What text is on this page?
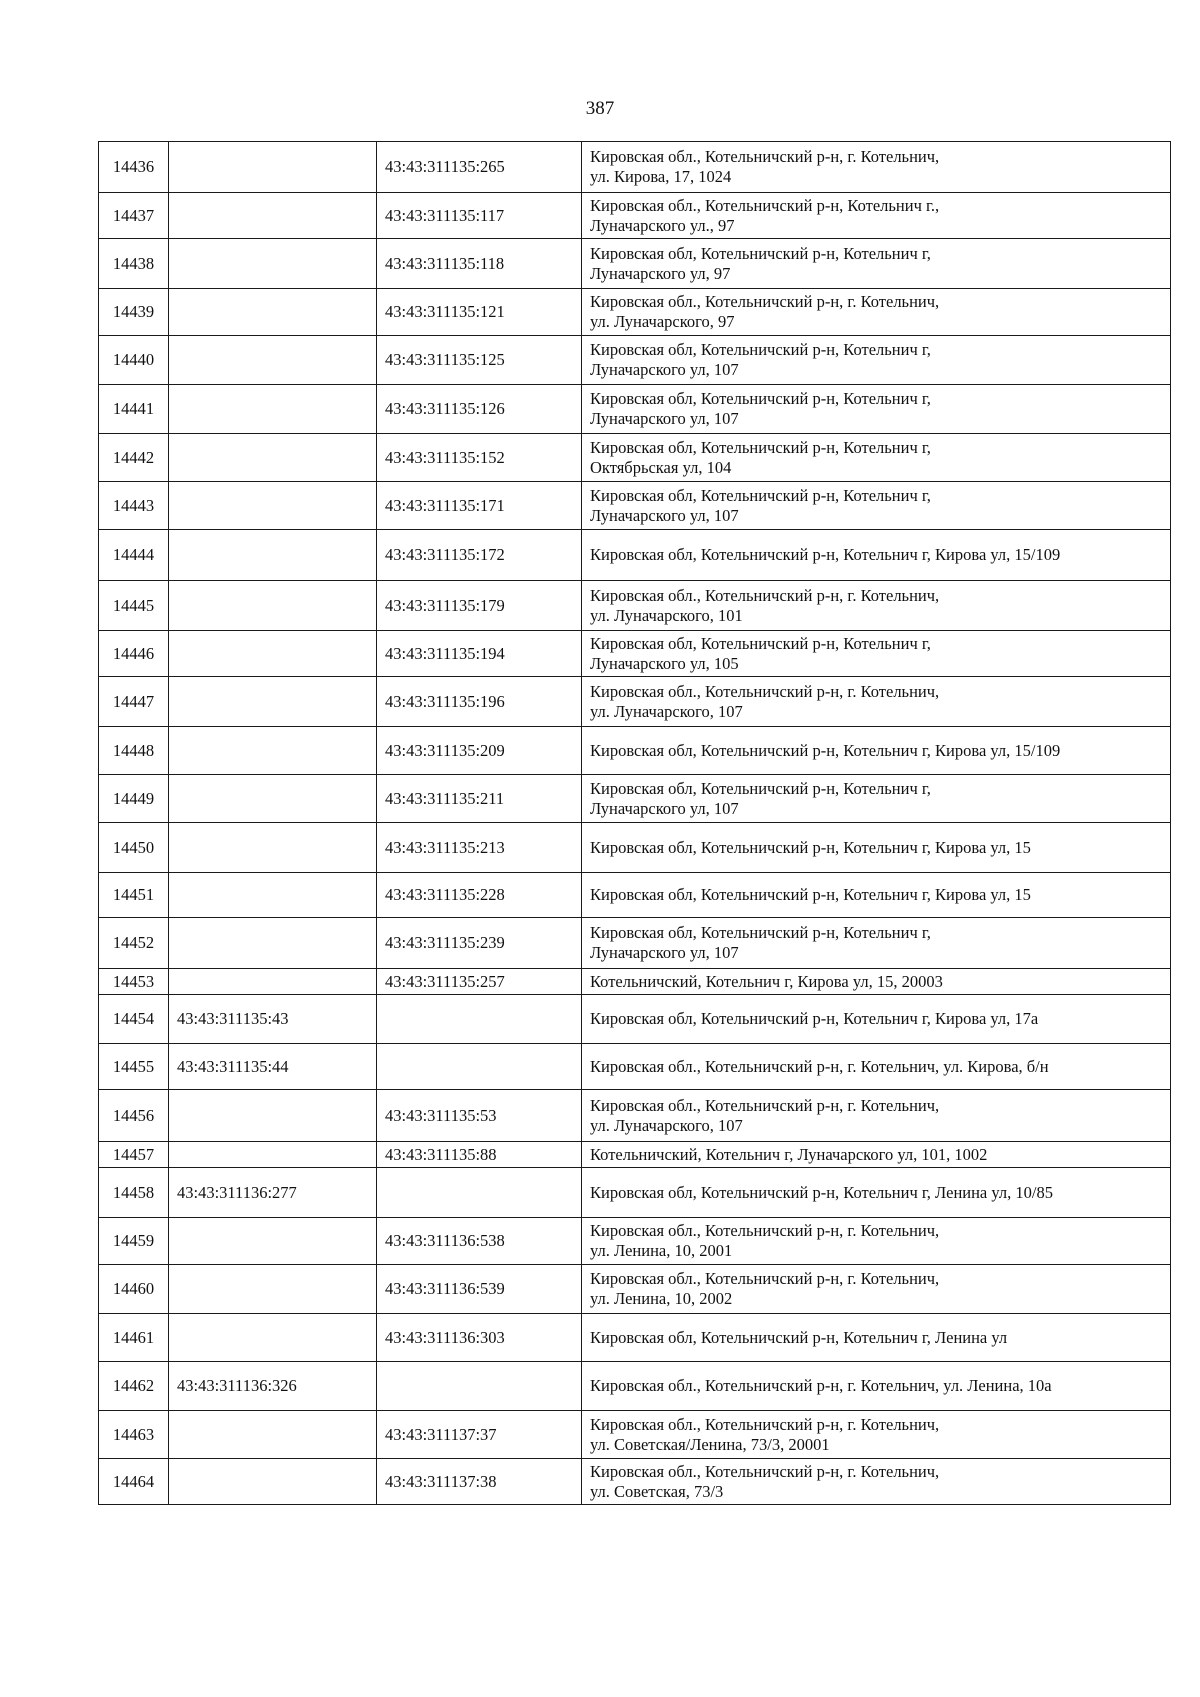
387
14436		43:43:311135:265	Кировская обл., Котельничский р-н, г. Котельнич,
ул. Кирова, 17, 1024

14437		43:43:311135:117	Кировская обл., Котельничский р-н, Котельнич г.,
Луначарского ул., 97

14438		43:43:311135:118	Кировская обл, Котельничский р-н, Котельнич г,
Луначарского ул, 97

14439		43:43:311135:121	Кировская обл., Котельничский р-н, г. Котельнич,
ул. Луначарского, 97

14440		43:43:311135:125	Кировская обл, Котельничский р-н, Котельнич г,
Луначарского ул, 107

14441		43:43:311135:126	Кировская обл, Котельничский р-н, Котельнич г,
Луначарского ул, 107

14442		43:43:311135:152	Кировская обл, Котельничский р-н, Котельнич г,
Октябрьская ул, 104

14443		43:43:311135:171	Кировская обл, Котельничский р-н, Котельнич г,
Луначарского ул, 107

14444		43:43:311135:172	Кировская обл, Котельничский р-н, Котельнич г, Кирова ул, 15/109

14445		43:43:311135:179	Кировская обл., Котельничский р-н, г. Котельнич,
ул. Луначарского, 101

14446		43:43:311135:194	Кировская обл, Котельничский р-н, Котельнич г,
Луначарского ул, 105

14447		43:43:311135:196	Кировская обл., Котельничский р-н, г. Котельнич,
ул. Луначарского, 107

14448		43:43:311135:209	Кировская обл, Котельничский р-н, Котельнич г, Кирова ул, 15/109

14449		43:43:311135:211	Кировская обл, Котельничский р-н, Котельнич г,
Луначарского ул, 107

14450		43:43:311135:213	Кировская обл, Котельничский р-н, Котельнич г, Кирова ул, 15

14451		43:43:311135:228	Кировская обл, Котельничский р-н, Котельнич г, Кирова ул, 15

14452		43:43:311135:239	Кировская обл, Котельничский р-н, Котельнич г,
Луначарского ул, 107

14453		43:43:311135:257	Котельничский, Котельнич г, Кирова ул, 15, 20003

14454	43:43:311135:43		Кировская обл, Котельничский р-н, Котельнич г, Кирова ул, 17а

14455	43:43:311135:44		Кировская обл., Котельничский р-н, г. Котельнич, ул. Кирова, б/н

14456		43:43:311135:53	Кировская обл., Котельничский р-н, г. Котельнич,
ул. Луначарского, 107

14457		43:43:311135:88	Котельничский, Котельнич г, Луначарского ул, 101, 1002

14458	43:43:311136:277		Кировская обл, Котельничский р-н, Котельнич г, Ленина ул, 10/85

14459		43:43:311136:538	Кировская обл., Котельничский р-н, г. Котельнич,
ул. Ленина, 10, 2001

14460		43:43:311136:539	Кировская обл., Котельничский р-н, г. Котельнич,
ул. Ленина, 10, 2002

14461		43:43:311136:303	Кировская обл, Котельничский р-н, Котельнич г, Ленина ул

14462	43:43:311136:326		Кировская обл., Котельничский р-н, г. Котельнич, ул. Ленина, 10а

14463		43:43:311137:37	Кировская обл., Котельничский р-н, г. Котельнич,
ул. Советская/Ленина, 73/3, 20001

14464		43:43:311137:38	Кировская обл., Котельничский р-н, г. Котельнич,
ул. Советская, 73/3
